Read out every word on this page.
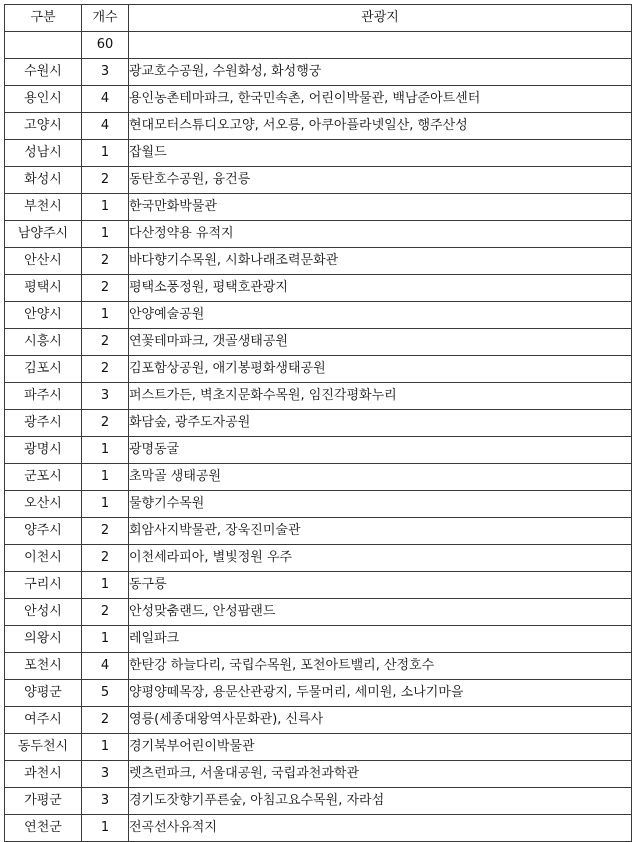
구분	개수	관광지
	60	
수원시	3	광교호수공원, 수원화성, 화성행궁
용인시	4	용인농촌테마파크, 한국민속촌, 어린이박물관, 백남준아트센터
고양시	4	현대모터스튜디오고양, 서오릉, 아쿠아플라넷일산, 행주산성
성남시	1	잡월드
화성시	2	동탄호수공원, 융건릉
부천시	1	한국만화박물관
남양주시	1	다산정약용 유적지
안산시	2	바다향기수목원, 시화나래조력문화관
평택시	2	평택소풍정원, 평택호관광지
안양시	1	안양예술공원
시흥시	2	연꽃테마파크, 갯골생태공원
김포시	2	김포함상공원, 애기봉평화생태공원
파주시	3	퍼스트가든, 벽초지문화수목원, 임진각평화누리
광주시	2	화담숲, 광주도자공원
광명시	1	광명동굴
군포시	1	초막골 생태공원
오산시	1	물향기수목원
양주시	2	회암사지박물관, 장욱진미술관
이천시	2	이천세라피아, 별빛정원 우주
구리시	1	동구릉
안성시	2	안성맞춤랜드, 안성팜랜드
의왕시	1	레일파크
포천시	4	한탄강 하늘다리, 국립수목원, 포천아트밸리, 산정호수
양평군	5	양평양떼목장, 용문산관광지, 두물머리, 세미원, 소나기마을
여주시	2	영릉(세종대왕역사문화관), 신륵사
동두천시	1	경기북부어린이박물관
과천시	3	렛츠런파크, 서울대공원, 국립과천과학관
가평군	3	경기도잣향기푸른숲, 아침고요수목원, 자라섬
연천군	1	전곡선사유적지
